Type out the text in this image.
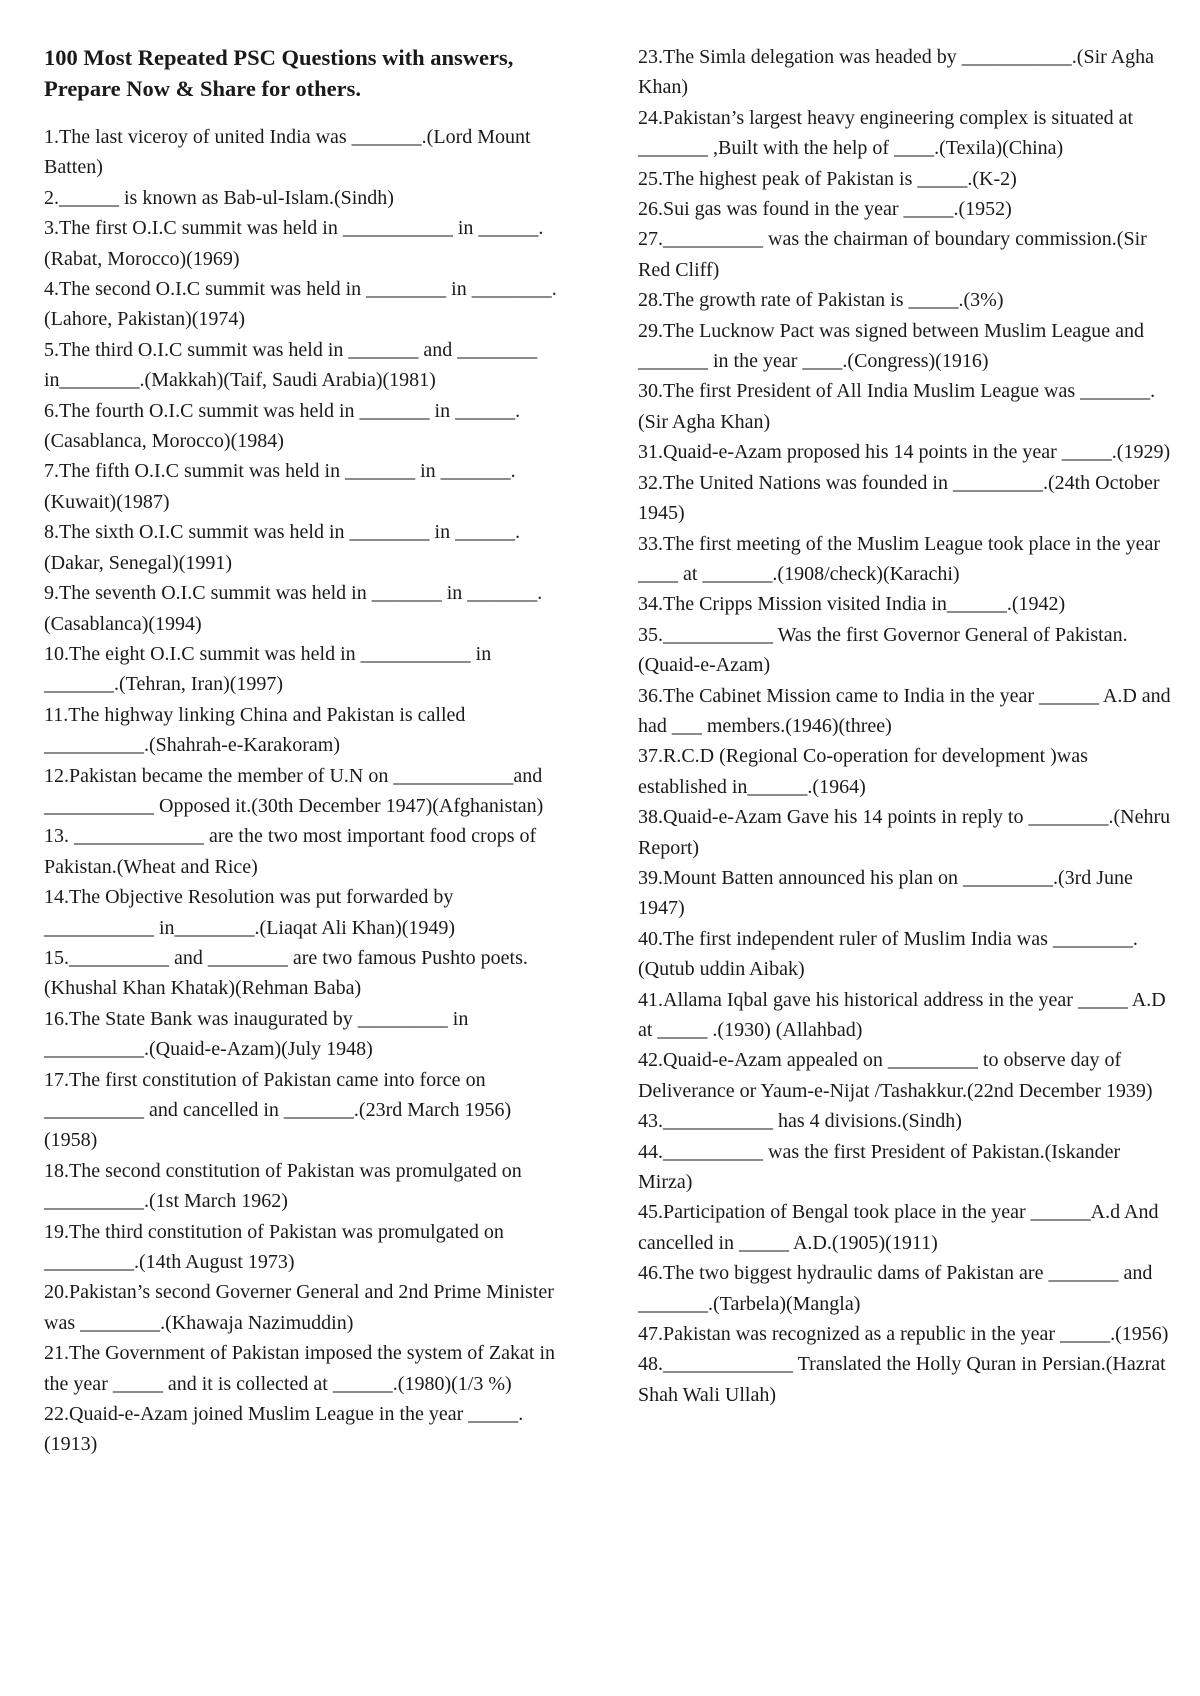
100 Most Repeated PSC Questions with answers, Prepare Now & Share for others.

1.The last viceroy of united India was _______.(Lord Mount Batten)

2.______ is known as Bab-ul-Islam.(Sindh)

3.The first O.I.C summit was held in ___________ in ______. (Rabat, Morocco)(1969)

4.The second O.I.C summit was held in ________ in ________.(Lahore, Pakistan)(1974)

5.The third O.I.C summit was held in _______ and ________ in________.(Makkah)(Taif, Saudi Arabia)(1981)

6.The fourth O.I.C summit was held in _______ in ______.(Casablanca, Morocco)(1984)

7.The fifth O.I.C summit was held in _______ in _______.(Kuwait)(1987)

8.The sixth O.I.C summit was held in ________ in ______.(Dakar, Senegal)(1991)

9.The seventh O.I.C summit was held in _______ in _______.(Casablanca)(1994)

10.The eight O.I.C summit was held in ___________ in _______.(Tehran, Iran)(1997)

11.The highway linking China and Pakistan is called __________.(Shahrah-e-Karakoram)

12.Pakistan became the member of U.N on ____________and ___________ Opposed it.(30th December 1947)(Afghanistan)

13. _____________ are the two most important food crops of Pakistan.(Wheat and Rice)

14.The Objective Resolution was put forwarded by ___________ in________.(Liaqat Ali Khan)(1949)

15.__________ and ________ are two famous Pushto poets.(Khushal Khan Khatak)(Rehman Baba)

16.The State Bank was inaugurated by _________ in __________.(Quaid-e-Azam)(July 1948)

17.The first constitution of Pakistan came into force on __________ and cancelled in _______.(23rd March 1956)(1958)

18.The second constitution of Pakistan was promulgated on __________.(1st March 1962)

19.The third constitution of Pakistan was promulgated on _________.(14th August 1973)

20.Pakistan’s second Governer General and 2nd Prime Minister was ________.(Khawaja Nazimuddin)

21.The Government of Pakistan imposed the system of Zakat in the year _____ and it is collected at ______.(1980)(1/3 %)

22.Quaid-e-Azam joined Muslim League in the year _____.(1913)

23.The Simla delegation was headed by ___________.(Sir Agha Khan)

24.Pakistan’s largest heavy engineering complex is situated at _______ ,Built with the help of ____.(Texila)(China)

25.The highest peak of Pakistan is _____.(K-2)

26.Sui gas was found in the year _____.(1952)

27.__________ was the chairman of boundary commission.(Sir Red Cliff)

28.The growth rate of Pakistan is _____.(3%)

29.The Lucknow Pact was signed between Muslim League and _______ in the year ____.(Congress)(1916)

30.The first President of All India Muslim League was _______.(Sir Agha Khan)

31.Quaid-e-Azam proposed his 14 points in the year _____.(1929)

32.The United Nations was founded in _________.(24th October 1945)

33.The first meeting of the Muslim League took place in the year ____ at _______.(1908/check)(Karachi)

34.The Cripps Mission visited India in______.(1942)

35.___________ Was the first Governor General of Pakistan.(Quaid-e-Azam)

36.The Cabinet Mission came to India in the year ______ A.D and had ___ members.(1946)(three)

37.R.C.D (Regional Co-operation for development )was established in______.(1964)

38.Quaid-e-Azam Gave his 14 points in reply to ________.(Nehru Report)

39.Mount Batten announced his plan on _________.(3rd June 1947)

40.The first independent ruler of Muslim India was ________.(Qutub uddin Aibak)

41.Allama Iqbal gave his historical address in the year _____ A.D at _____ .(1930) (Allahbad)

42.Quaid-e-Azam appealed on _________ to observe day of Deliverance or Yaum-e-Nijat /Tashakkur.(22nd December 1939)

43.___________ has 4 divisions.(Sindh)

44.__________ was the first President of Pakistan.(Iskander Mirza)

45.Participation of Bengal took place in the year ______A.d And cancelled in _____ A.D.(1905)(1911)

46.The two biggest hydraulic dams of Pakistan are _______ and _______.(Tarbela)(Mangla)

47.Pakistan was recognized as a republic in the year _____.(1956)

48._____________ Translated the Holly Quran in Persian.(Hazrat Shah Wali Ullah)
